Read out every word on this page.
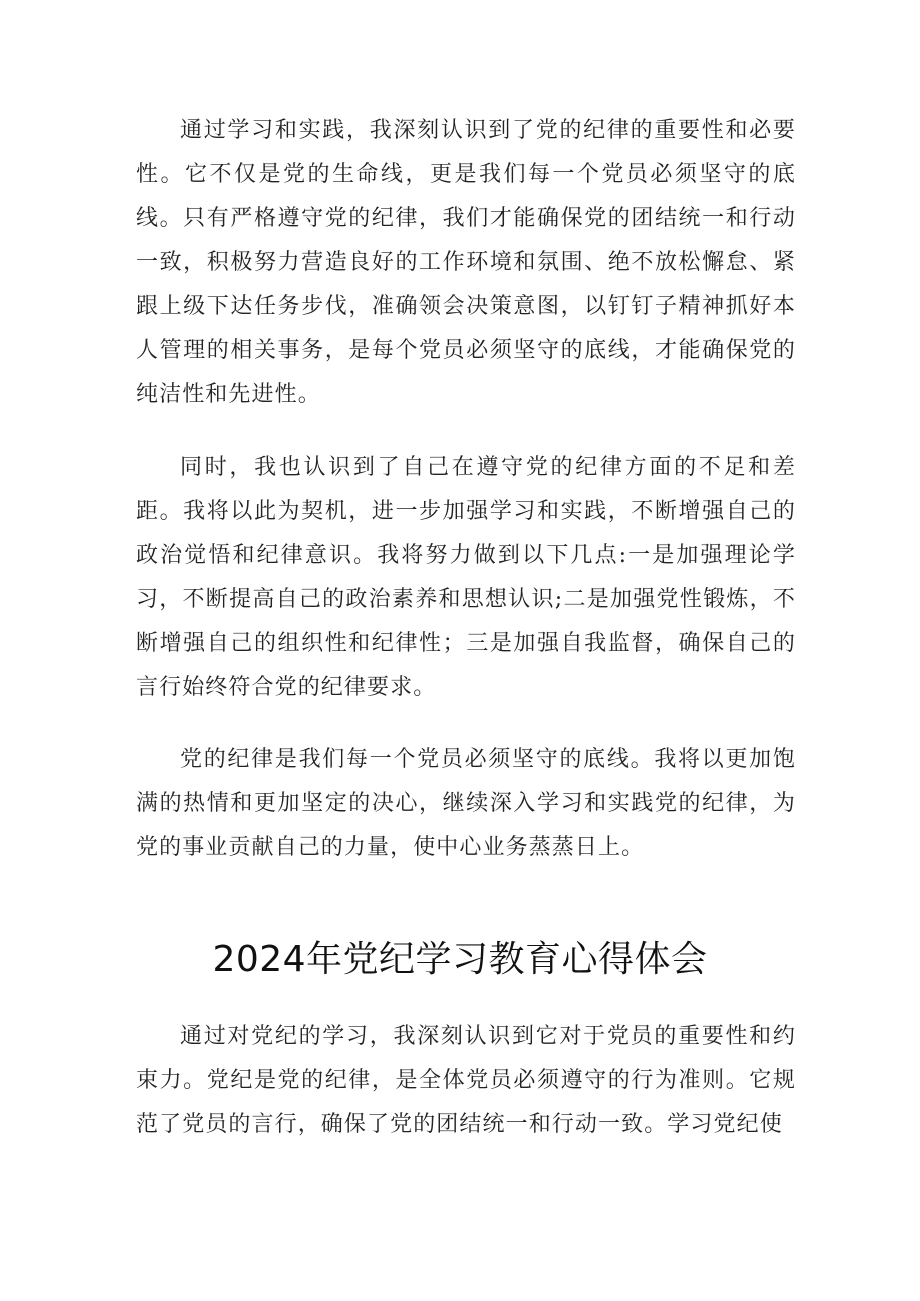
通过学习和实践，我深刻认识到了党的纪律的重要性和必要性。它不仅是党的生命线，更是我们每一个党员必须坚守的底线。只有严格遵守党的纪律，我们才能确保党的团结统一和行动一致，积极努力营造良好的工作环境和氛围、绝不放松懈怠、紧跟上级下达任务步伐，准确领会决策意图，以钉钉子精神抓好本人管理的相关事务，是每个党员必须坚守的底线，才能确保党的纯洁性和先进性。

同时，我也认识到了自己在遵守党的纪律方面的不足和差距。我将以此为契机，进一步加强学习和实践，不断增强自己的政治觉悟和纪律意识。我将努力做到以下几点:一是加强理论学习，不断提高自己的政治素养和思想认识;二是加强党性锻炼，不断增强自己的组织性和纪律性；三是加强自我监督，确保自己的言行始终符合党的纪律要求。

党的纪律是我们每一个党员必须坚守的底线。我将以更加饱满的热情和更加坚定的决心，继续深入学习和实践党的纪律，为党的事业贡献自己的力量，使中心业务蒸蒸日上。

2024年党纪学习教育心得体会

通过对党纪的学习，我深刻认识到它对于党员的重要性和约束力。党纪是党的纪律，是全体党员必须遵守的行为准则。它规范了党员的言行，确保了党的团结统一和行动一致。学习党纪使
